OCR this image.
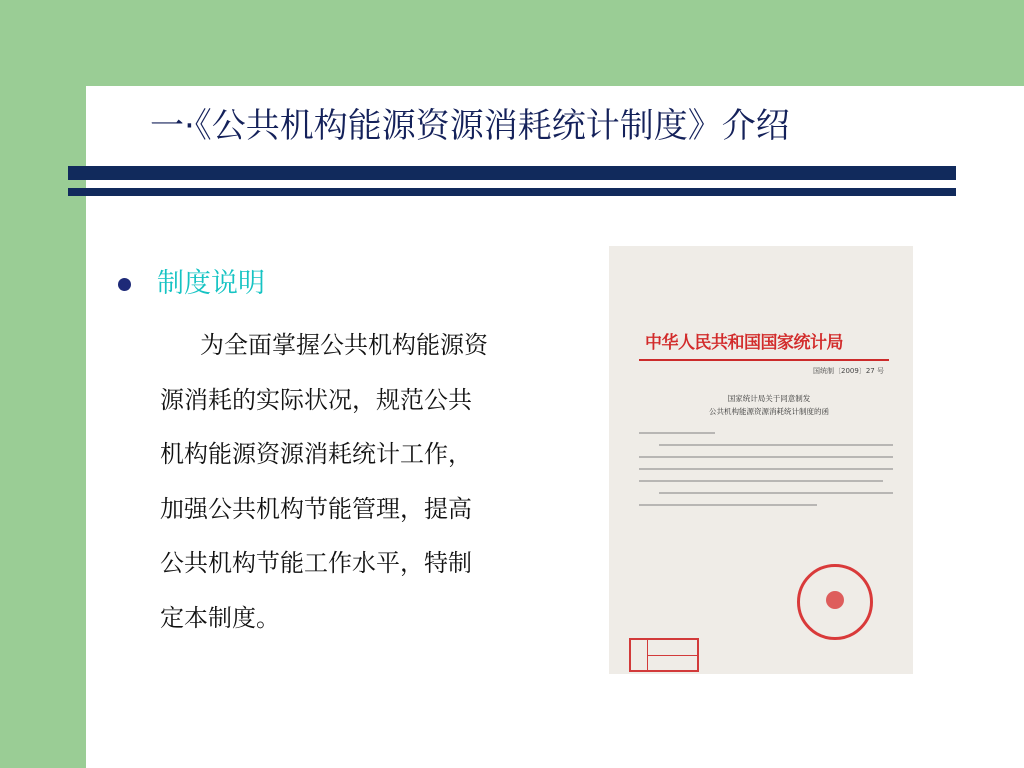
一·《公共机构能源资源消耗统计制度》介绍
制度说明
为全面掌握公共机构能源资
源消耗的实际状况，规范公共
机构能源资源消耗统计工作，
加强公共机构节能管理，提高
公共机构节能工作水平，特制
定本制度。
中华人民共和国国家统计局
国统制〔2009〕27 号
国家统计局关于同意制发
公共机构能源资源消耗统计制度的函
